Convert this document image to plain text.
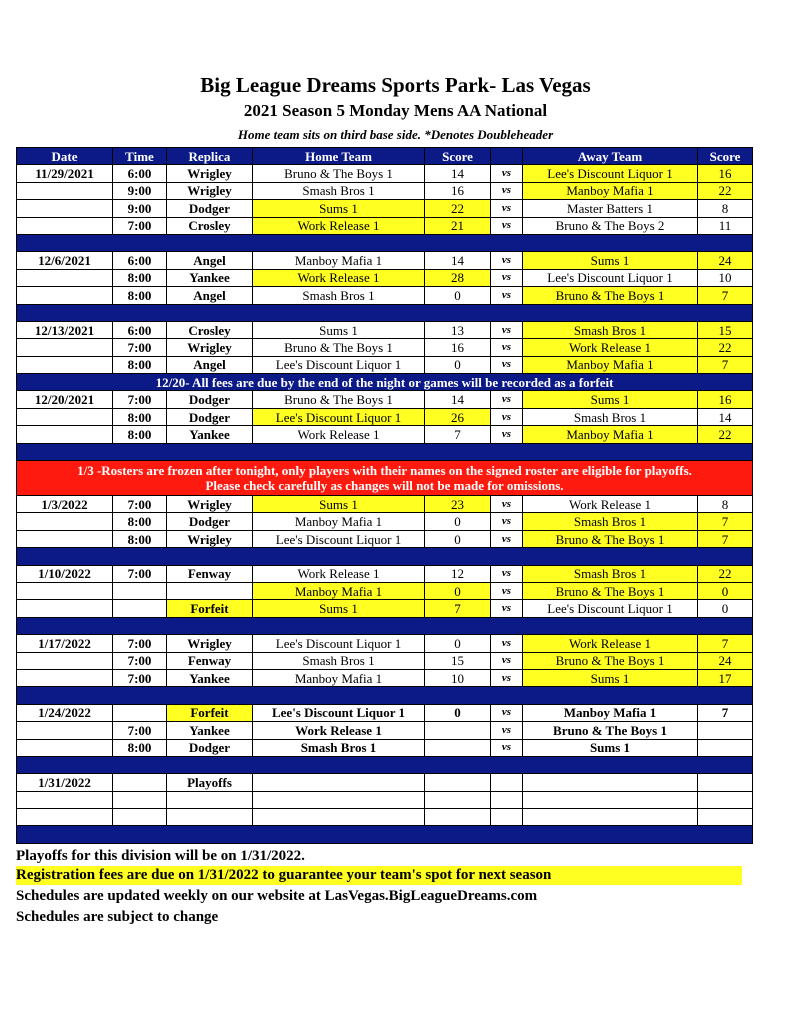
Big League Dreams Sports Park- Las Vegas
2021 Season 5 Monday Mens AA National
Home team sits on third base side. *Denotes Doubleheader
Date	Time	Replica	Home Team	Score		Away Team	Score
11/29/2021	6:00	Wrigley	Bruno & The Boys 1	14	vs	Lee's Discount Liquor 1	16
	9:00	Wrigley	Smash Bros 1	16	vs	Manboy Mafia 1	22
	9:00	Dodger	Sums 1	22	vs	Master Batters 1	8
	7:00	Crosley	Work Release 1	21	vs	Bruno & The Boys 2	11

12/6/2021	6:00	Angel	Manboy Mafia 1	14	vs	Sums 1	24
	8:00	Yankee	Work Release 1	28	vs	Lee's Discount Liquor 1	10
	8:00	Angel	Smash Bros 1	0	vs	Bruno & The Boys 1	7

12/13/2021	6:00	Crosley	Sums 1	13	vs	Smash Bros 1	15
	7:00	Wrigley	Bruno & The Boys 1	16	vs	Work Release 1	22
	8:00	Angel	Lee's Discount Liquor 1	0	vs	Manboy Mafia 1	7
12/20- All fees are due by the end of the night or games will be recorded as a forfeit							
12/20/2021	7:00	Dodger	Bruno & The Boys 1	14	vs	Sums 1	16
	8:00	Dodger	Lee's Discount Liquor 1	26	vs	Smash Bros 1	14
	8:00	Yankee	Work Release 1	7	vs	Manboy Mafia 1	22

1/3 -Rosters are frozen after tonight, only players with their names on the signed roster are eligible for playoffs.
Please check carefully as changes will not be made for omissions.							

1/3/2022	7:00	Wrigley	Sums 1	23	vs	Work Release 1	8
	8:00	Dodger	Manboy Mafia 1	0	vs	Smash Bros 1	7
	8:00	Wrigley	Lee's Discount Liquor 1	0	vs	Bruno & The Boys 1	7

1/10/2022	7:00	Fenway	Work Release 1	12	vs	Smash Bros 1	22
			Manboy Mafia 1	0	vs	Bruno & The Boys 1	0
		Forfeit	Sums 1	7	vs	Lee's Discount Liquor 1	0

1/17/2022	7:00	Wrigley	Lee's Discount Liquor 1	0	vs	Work Release 1	7
	7:00	Fenway	Smash Bros 1	15	vs	Bruno & The Boys 1	24
	7:00	Yankee	Manboy Mafia 1	10	vs	Sums 1	17

1/24/2022		Forfeit	Lee's Discount Liquor 1	0	vs	Manboy Mafia 1	7
	7:00	Yankee	Work Release 1		vs	Bruno & The Boys 1	
	8:00	Dodger	Smash Bros 1		vs	Sums 1	

1/31/2022		Playoffs					

Playoffs for this division will be on 1/31/2022.
Registration fees are due on 1/31/2022 to guarantee your team's spot for next season
Schedules are updated weekly on our website at LasVegas.BigLeagueDreams.com
Schedules are subject to change
